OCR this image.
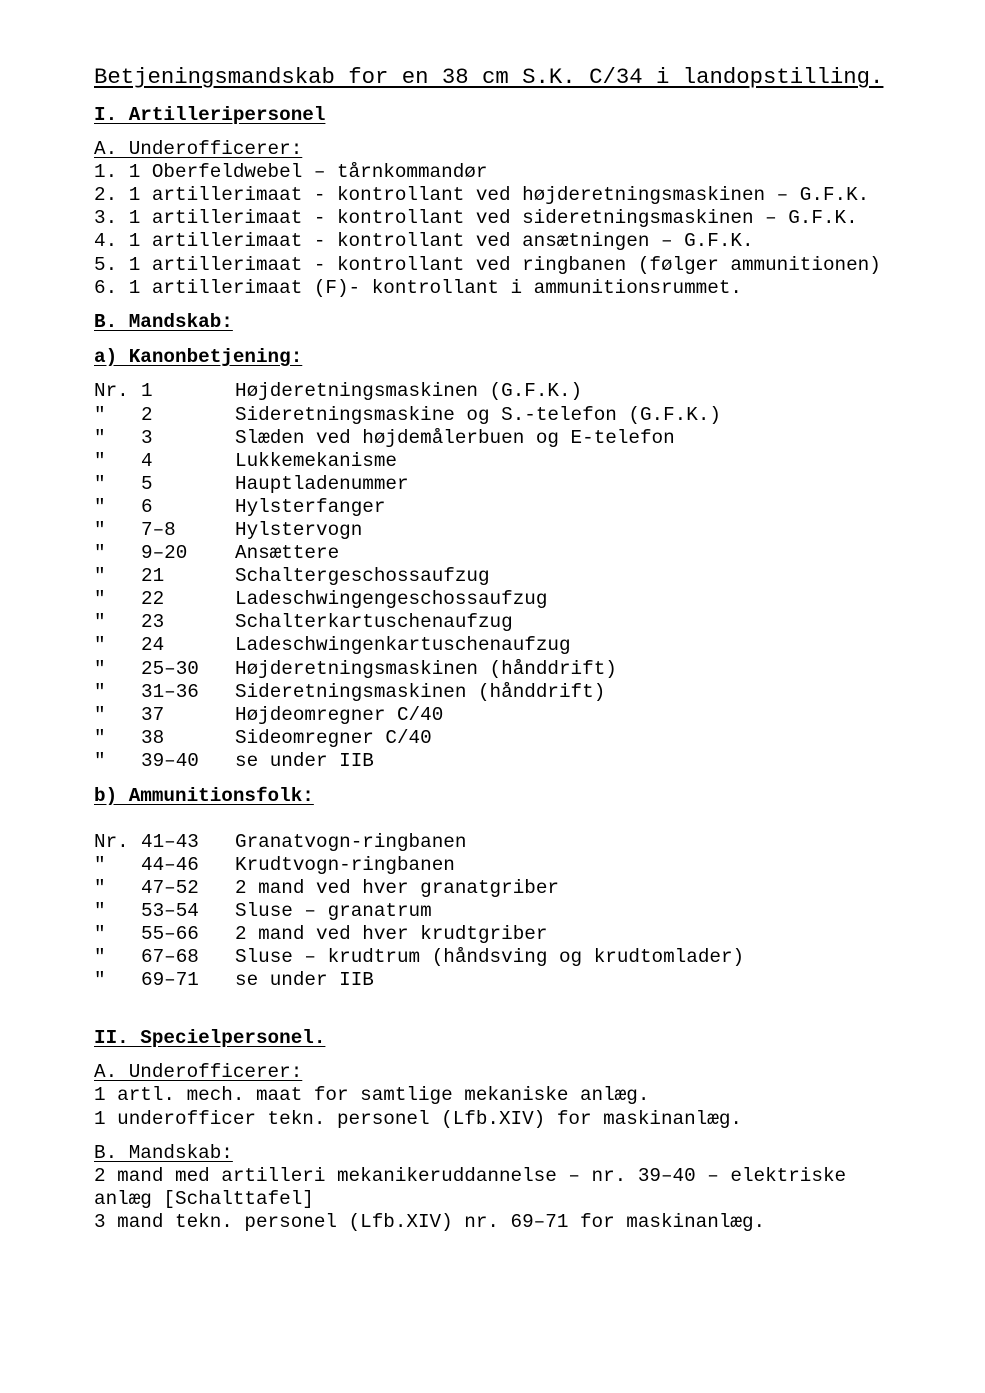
Betjeningsmandskab for en 38 cm S.K. C/34 i landopstilling.
I. Artilleripersonel
A. Underofficerer:
1. 1 Oberfeldwebel – tårnkommandør
2. 1 artillerimaat - kontrollant ved højderetningsmaskinen – G.F.K.
3. 1 artillerimaat - kontrollant ved sideretningsmaskinen – G.F.K.
4. 1 artillerimaat - kontrollant ved ansætningen – G.F.K.
5. 1 artillerimaat - kontrollant ved ringbanen (følger ammunitionen)
6. 1 artillerimaat (F)- kontrollant i ammunitionsrummet.
B. Mandskab:
a) Kanonbetjening:
Nr. 1	Højderetningsmaskinen (G.F.K.)
″	2	Sideretningsmaskine og S.-telefon (G.F.K.)
″	3	Slæden ved højdemålerbuen og E-telefon
″	4	Lukkemekanisme
″	5	Hauptladenummer
″	6	Hylsterfanger
″	7–8	Hylstervogn
″	9–20	Ansættere
″	21	Schaltergeschossaufzug
″	22	Ladeschwingengeschossaufzug
″	23	Schalterkartuschenaufzug
″	24	Ladeschwingenkartuschenaufzug
″	25–30	Højderetningsmaskinen (hånddrift)
″	31–36	Sideretningsmaskinen (hånddrift)
″	37	Højdeomregner C/40
″	38	Sideomregner C/40
″	39–40	se under IIB
b) Ammunitionsfolk:
Nr. 41–43	Granatvogn-ringbanen
″	44–46	Krudtvogn-ringbanen
″	47–52	2 mand ved hver granatgriber
″	53–54	Sluse – granatrum
″	55–66	2 mand ved hver krudtgriber
″	67–68	Sluse – krudtrum (håndsving og krudtomlader)
″	69–71	se under IIB
II. Specielpersonel.
A. Underofficerer:
1 artl. mech. maat for samtlige mekaniske anlæg.
1 underofficer tekn. personel (Lfb.XIV) for maskinanlæg.
B. Mandskab:
2 mand med artilleri mekanikeruddannelse – nr. 39–40 – elektriske
anlæg [Schalttafel]
3 mand tekn. personel (Lfb.XIV) nr. 69–71 for maskinanlæg.
